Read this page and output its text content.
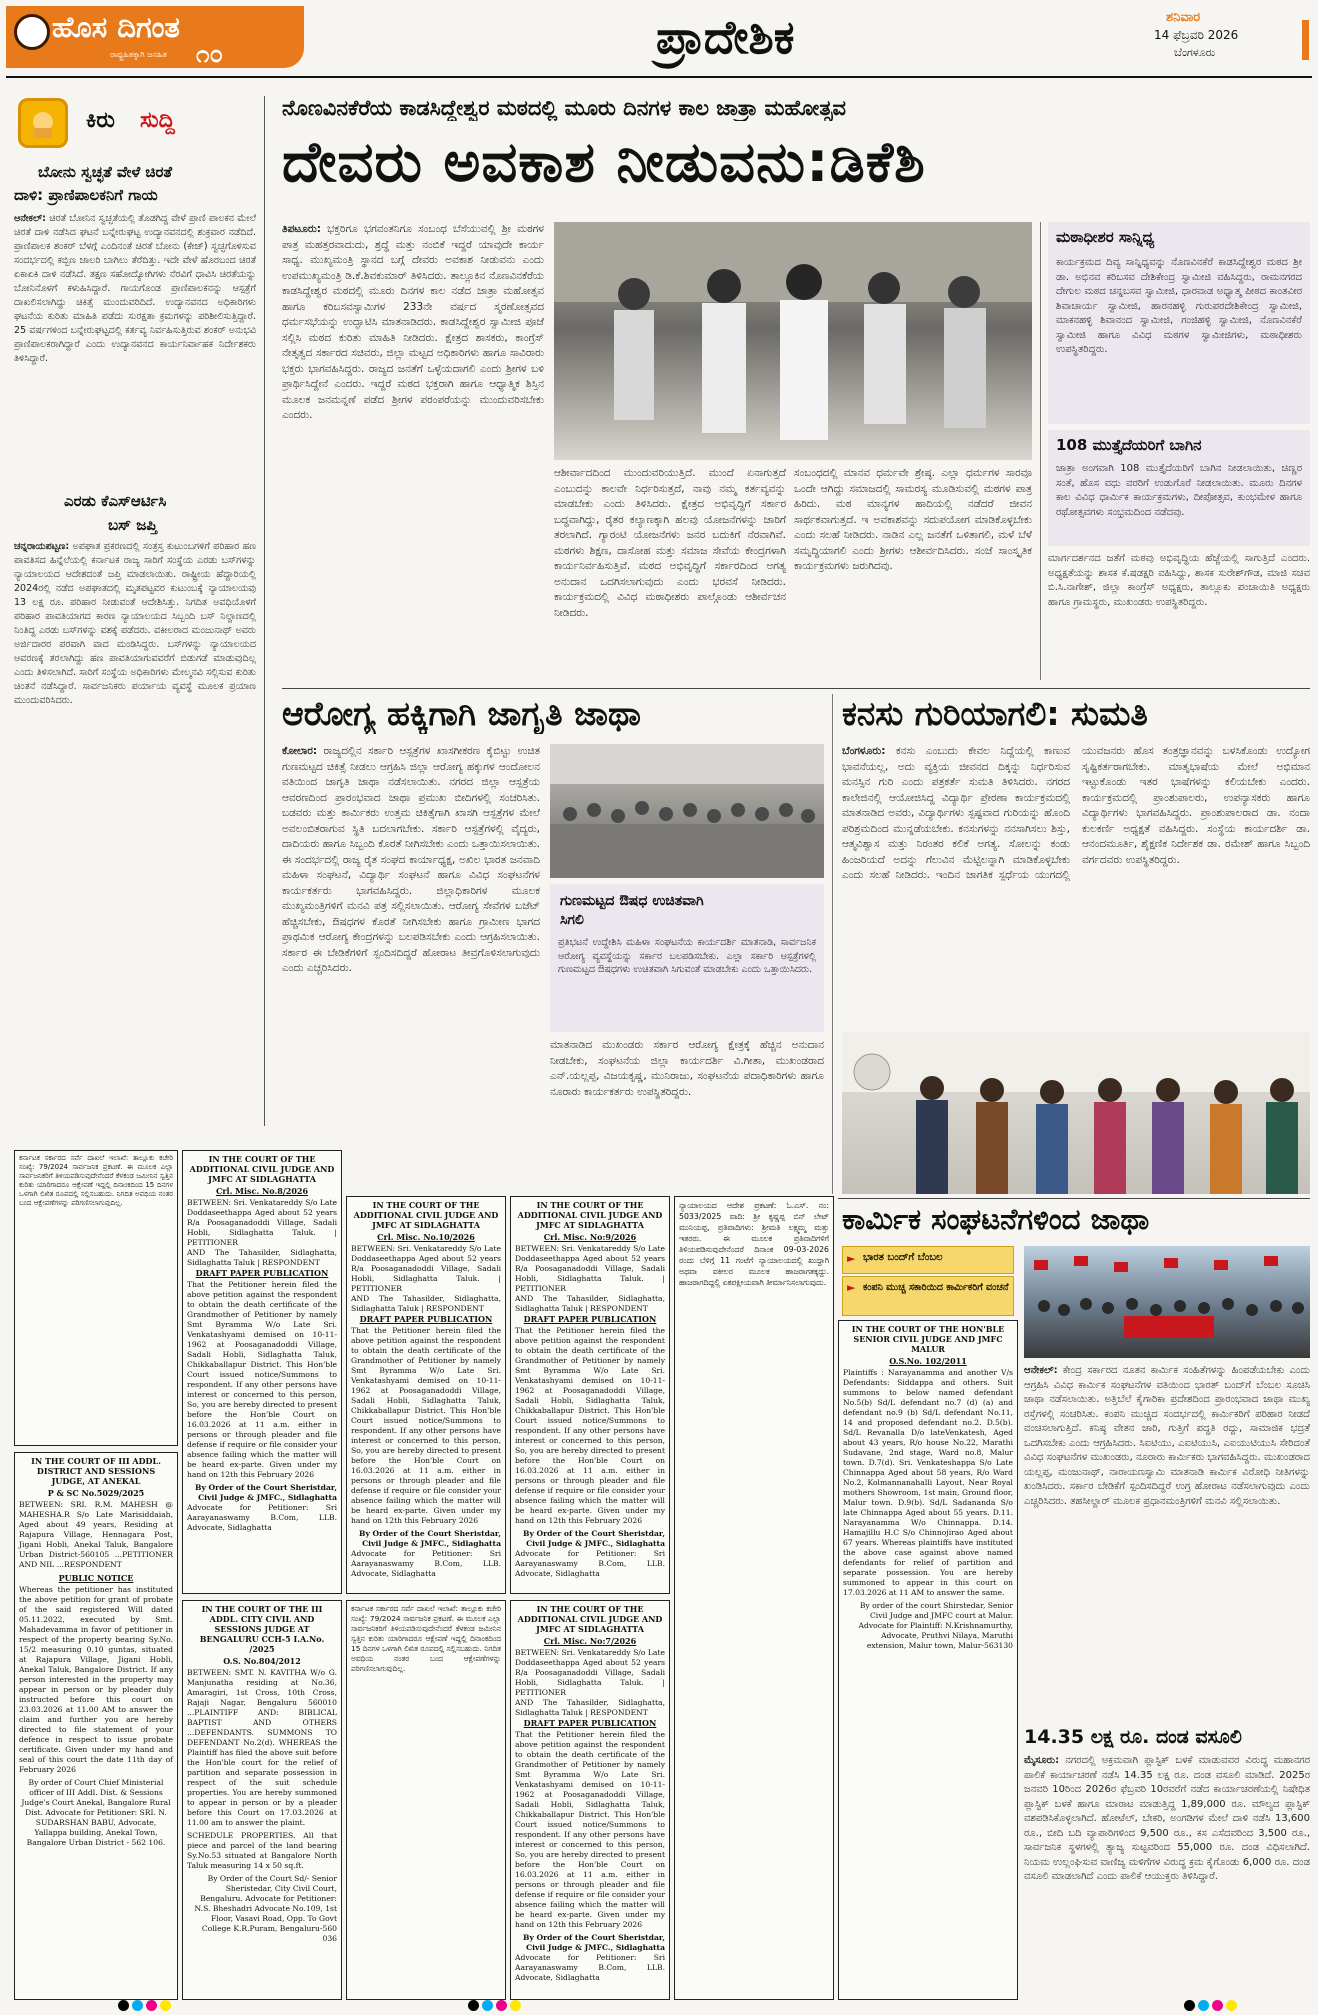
ಹೊಸ ದಿಗಂತ
ರಾಷ್ಟ್ರಹಿತಕ್ಕಾಗಿ ಜನಹಿತ ೧೦	ಪ್ರಾದೇಶಿಕ	ಶನಿವಾರ
14 ಫೆಬ್ರವರಿ 2026
ಬೆಂಗಳೂರು
ಕಿರು ಸುದ್ದಿ
ಬೋನು ಸ್ವಚ್ಛತೆ ವೇಳೆ ಚಿರತೆ
ದಾಳಿ: ಪ್ರಾಣಿಪಾಲಕನಿಗೆ ಗಾಯ
ಆನೇಕಲ್: ಚಿರತೆ ಬೋನಿನ ಸ್ವಚ್ಛತೆಯಲ್ಲಿ ತೊಡಗಿದ್ದ ವೇಳೆ ಪ್ರಾಣಿ ಪಾಲಕನ ಮೇಲೆ ಚಿರತೆ ದಾಳಿ ನಡೆಸಿದ ಘಟನೆ ಬನ್ನೇರುಘಟ್ಟ ಉದ್ಯಾನವನದಲ್ಲಿ ಶುಕ್ರವಾರ ನಡೆದಿದೆ. ಪ್ರಾಣಿಪಾಲಕ ಶಂಕರ್ ಬೆಳಗ್ಗೆ ಎಂದಿನಂತೆ ಚಿರತೆ ಬೋನು (ಕೇಜ್) ಸ್ವಚ್ಛಗೊಳಿಸುವ ಸಂದರ್ಭದಲ್ಲಿ ಕಬ್ಬಿಣ ಜಾಲರಿ ಬಾಗಿಲು ತೆರೆದಿತ್ತು. ಇದೇ ವೇಳೆ ಹೊರಬಂದ ಚಿರತೆ ಏಕಾಏಕಿ ದಾಳಿ ನಡೆಸಿದೆ. ತಕ್ಷಣ ಸಹೋದ್ಯೋಗಿಗಳು ನೆರವಿಗೆ ಧಾವಿಸಿ ಚಿರತೆಯನ್ನು ಬೋನಿನೊಳಗೆ ಕಳುಹಿಸಿದ್ದಾರೆ. ಗಾಯಗೊಂಡ ಪ್ರಾಣಿಪಾಲಕನನ್ನು ಆಸ್ಪತ್ರೆಗೆ ದಾಖಲಿಸಲಾಗಿದ್ದು ಚಿಕಿತ್ಸೆ ಮುಂದುವರಿದಿದೆ. ಉದ್ಯಾನವನದ ಅಧಿಕಾರಿಗಳು ಘಟನೆಯ ಕುರಿತು ಮಾಹಿತಿ ಪಡೆದು ಸುರಕ್ಷತಾ ಕ್ರಮಗಳನ್ನು ಪರಿಶೀಲಿಸುತ್ತಿದ್ದಾರೆ. 25 ವರ್ಷಗಳಿಂದ ಬನ್ನೇರುಘಟ್ಟದಲ್ಲಿ ಕರ್ತವ್ಯ ನಿರ್ವಹಿಸುತ್ತಿರುವ ಶಂಕರ್ ಅನುಭವಿ ಪ್ರಾಣಿಪಾಲಕರಾಗಿದ್ದಾರೆ ಎಂದು ಉದ್ಯಾನವನದ ಕಾರ್ಯನಿರ್ವಾಹಕ ನಿರ್ದೇಶಕರು ತಿಳಿಸಿದ್ದಾರೆ.
ಎರಡು ಕೆಎಸ್ಆರ್ಟಿಸಿ
ಬಸ್ ಜಪ್ತಿ
ಚನ್ನರಾಯಪಟ್ಟಣ: ಅಪಘಾತ ಪ್ರಕರಣದಲ್ಲಿ ಸಂತ್ರಸ್ತ ಕುಟುಂಬಗಳಿಗೆ ಪರಿಹಾರ ಹಣ ಪಾವತಿಸದ ಹಿನ್ನೆಲೆಯಲ್ಲಿ ಕರ್ನಾಟಕ ರಾಜ್ಯ ಸಾರಿಗೆ ಸಂಸ್ಥೆಯ ಎರಡು ಬಸ್‌ಗಳನ್ನು ನ್ಯಾಯಾಲಯದ ಆದೇಶದಂತೆ ಜಪ್ತಿ ಮಾಡಲಾಯಿತು. ರಾಷ್ಟ್ರೀಯ ಹೆದ್ದಾರಿಯಲ್ಲಿ 2024ರಲ್ಲಿ ನಡೆದ ಅಪಘಾತದಲ್ಲಿ ಮೃತಪಟ್ಟವರ ಕುಟುಂಬಕ್ಕೆ ನ್ಯಾಯಾಲಯವು 13 ಲಕ್ಷ ರೂ. ಪರಿಹಾರ ನೀಡುವಂತೆ ಆದೇಶಿಸಿತ್ತು. ನಿಗದಿತ ಅವಧಿಯೊಳಗೆ ಪರಿಹಾರ ಪಾವತಿಯಾಗದ ಕಾರಣ ನ್ಯಾಯಾಲಯದ ಸಿಬ್ಬಂದಿ ಬಸ್ ನಿಲ್ದಾಣದಲ್ಲಿ ನಿಂತಿದ್ದ ಎರಡು ಬಸ್‌ಗಳನ್ನು ವಶಕ್ಕೆ ಪಡೆದರು. ವಕೀಲರಾದ ಮಂಜುನಾಥ್ ಅವರು ಅರ್ಜಿದಾರರ ಪರವಾಗಿ ವಾದ ಮಂಡಿಸಿದ್ದರು. ಬಸ್‌ಗಳನ್ನು ನ್ಯಾಯಾಲಯದ ಆವರಣಕ್ಕೆ ತರಲಾಗಿದ್ದು ಹಣ ಪಾವತಿಯಾಗುವವರೆಗೆ ಬಿಡುಗಡೆ ಮಾಡುವುದಿಲ್ಲ ಎಂದು ತಿಳಿಸಲಾಗಿದೆ. ಸಾರಿಗೆ ಸಂಸ್ಥೆಯ ಅಧಿಕಾರಿಗಳು ಮೇಲ್ಮನವಿ ಸಲ್ಲಿಸುವ ಕುರಿತು ಚಿಂತನೆ ನಡೆಸಿದ್ದಾರೆ. ಸಾರ್ವಜನಿಕರು ಪರ್ಯಾಯ ವ್ಯವಸ್ಥೆ ಮೂಲಕ ಪ್ರಯಾಣ ಮುಂದುವರಿಸಿದರು.
ನೊಣವಿನಕೆರೆಯ ಕಾಡಸಿದ್ದೇಶ್ವರ ಮಠದಲ್ಲಿ ಮೂರು ದಿನಗಳ ಕಾಲ ಜಾತ್ರಾ ಮಹೋತ್ಸವ
ದೇವರು ಅವಕಾಶ ನೀಡುವನು:ಡಿಕೆಶಿ
ತಿಪಟೂರು: ಭಕ್ತರಿಗೂ ಭಗವಂತನಿಗೂ ಸಂಬಂಧ ಬೆಸೆಯುವಲ್ಲಿ ಶ್ರೀ ಮಠಗಳ ಪಾತ್ರ ಮಹತ್ತರವಾದುದು, ಶ್ರದ್ಧೆ ಮತ್ತು ನಂಬಿಕೆ ಇದ್ದರೆ ಯಾವುದೇ ಕಾರ್ಯ ಸಾಧ್ಯ. ಮುಖ್ಯಮಂತ್ರಿ ಸ್ಥಾನದ ಬಗ್ಗೆ ದೇವರು ಅವಕಾಶ ನೀಡುವನು ಎಂದು ಉಪಮುಖ್ಯಮಂತ್ರಿ ಡಿ.ಕೆ.ಶಿವಕುಮಾರ್ ತಿಳಿಸಿದರು. ತಾಲ್ಲೂಕಿನ ನೊಣವಿನಕೆರೆಯ ಕಾಡಸಿದ್ದೇಶ್ವರ ಮಠದಲ್ಲಿ ಮೂರು ದಿನಗಳ ಕಾಲ ನಡೆದ ಜಾತ್ರಾ ಮಹೋತ್ಸವ ಹಾಗೂ ಕರಿಬಸವಸ್ವಾಮಿಗಳ 233ನೇ ವರ್ಷದ ಸ್ಮರಣೋತ್ಸವದ ಧರ್ಮಸಭೆಯನ್ನು ಉದ್ಘಾಟಿಸಿ ಮಾತನಾಡಿದರು. ಕಾಡಸಿದ್ದೇಶ್ವರ ಸ್ವಾಮೀಜಿ ಪೂಜೆ ಸಲ್ಲಿಸಿ ಮಠದ ಕುರಿತು ಮಾಹಿತಿ ನೀಡಿದರು. ಕ್ಷೇತ್ರದ ಶಾಸಕರು, ಕಾಂಗ್ರೆಸ್ ನೇತೃತ್ವದ ಸರ್ಕಾರದ ಸಚಿವರು, ಜಿಲ್ಲಾ ಮಟ್ಟದ ಅಧಿಕಾರಿಗಳು ಹಾಗೂ ಸಾವಿರಾರು ಭಕ್ತರು ಭಾಗವಹಿಸಿದ್ದರು. ರಾಜ್ಯದ ಜನತೆಗೆ ಒಳ್ಳೆಯದಾಗಲಿ ಎಂದು ಶ್ರೀಗಳ ಬಳಿ ಪ್ರಾರ್ಥಿಸಿದ್ದೇನೆ ಎಂದರು. ಇದ್ದರೆ ಮಠದ ಭಕ್ತರಾಗಿ ಹಾಗೂ ಆಧ್ಯಾತ್ಮಿಕ ಶಿಸ್ತಿನ ಮೂಲಕ ಜನಮನ್ನಣೆ ಪಡೆದ ಶ್ರೀಗಳ ಪರಂಪರೆಯನ್ನು ಮುಂದುವರಿಸಬೇಕು ಎಂದರು.
ಆಶೀರ್ವಾದದಿಂದ ಮುಂದುವರಿಯುತ್ತಿದೆ. ಮುಂದೆ ಏನಾಗುತ್ತದೆ ಎಂಬುದನ್ನು ಕಾಲವೇ ನಿರ್ಧರಿಸುತ್ತದೆ, ನಾವು ನಮ್ಮ ಕರ್ತವ್ಯವನ್ನು ಮಾಡಬೇಕು ಎಂದು ತಿಳಿಸಿದರು. ಕ್ಷೇತ್ರದ ಅಭಿವೃದ್ಧಿಗೆ ಸರ್ಕಾರ ಬದ್ಧವಾಗಿದ್ದು, ರೈತರ ಕಲ್ಯಾಣಕ್ಕಾಗಿ ಹಲವು ಯೋಜನೆಗಳನ್ನು ಜಾರಿಗೆ ತರಲಾಗಿದೆ. ಗ್ಯಾರಂಟಿ ಯೋಜನೆಗಳು ಜನರ ಬದುಕಿಗೆ ನೆರವಾಗಿವೆ. ಮಠಗಳು ಶಿಕ್ಷಣ, ದಾಸೋಹ ಮತ್ತು ಸಮಾಜ ಸೇವೆಯ ಕೇಂದ್ರಗಳಾಗಿ ಕಾರ್ಯನಿರ್ವಹಿಸುತ್ತಿವೆ. ಮಠದ ಅಭಿವೃದ್ಧಿಗೆ ಸರ್ಕಾರದಿಂದ ಅಗತ್ಯ ಅನುದಾನ ಒದಗಿಸಲಾಗುವುದು ಎಂದು ಭರವಸೆ ನೀಡಿದರು. ಕಾರ್ಯಕ್ರಮದಲ್ಲಿ ವಿವಿಧ ಮಠಾಧೀಶರು ಪಾಲ್ಗೊಂಡು ಆಶೀರ್ವಚನ ನೀಡಿದರು.
ಸಂಬಂಧದಲ್ಲಿ ಮಾನವ ಧರ್ಮವೇ ಶ್ರೇಷ್ಠ. ಎಲ್ಲಾ ಧರ್ಮಗಳ ಸಾರವೂ ಒಂದೇ ಆಗಿದ್ದು ಸಮಾಜದಲ್ಲಿ ಸಾಮರಸ್ಯ ಮೂಡಿಸುವಲ್ಲಿ ಮಠಗಳ ಪಾತ್ರ ಹಿರಿದು. ಮಠ ಮಾನ್ಯಗಳ ಹಾದಿಯಲ್ಲಿ ನಡೆದರೆ ಜೀವನ ಸಾರ್ಥಕವಾಗುತ್ತದೆ. ಇ ಅವಕಾಶವನ್ನು ಸದುಪಯೋಗ ಮಾಡಿಕೊಳ್ಳಬೇಕು ಎಂದು ಸಲಹೆ ನೀಡಿದರು. ನಾಡಿನ ಎಲ್ಲ ಜನತೆಗೆ ಒಳಿತಾಗಲಿ, ಮಳೆ ಬೆಳೆ ಸಮೃದ್ಧಿಯಾಗಲಿ ಎಂದು ಶ್ರೀಗಳು ಆಶೀರ್ವದಿಸಿದರು. ಸಂಜೆ ಸಾಂಸ್ಕೃತಿಕ ಕಾರ್ಯಕ್ರಮಗಳು ಜರುಗಿದವು.
ಮಠಾಧೀಶರ ಸಾನ್ನಿಧ್ಯ
ಕಾರ್ಯಕ್ರಮದ ದಿವ್ಯ ಸಾನ್ನಿಧ್ಯವನ್ನು ನೊಣವಿನಕೆರೆ ಕಾಡಸಿದ್ದೇಶ್ವರ ಮಠದ ಶ್ರೀ ಡಾ. ಅಭಿನವ ಕರಿಬಸವ ದೇಶಿಕೇಂದ್ರ ಸ್ವಾಮೀಜಿ ವಹಿಸಿದ್ದರು, ರಾಮನಗರದ ದೇಗುಲ ಮಠದ ಚನ್ನಬಸವ ಸ್ವಾಮೀಜಿ, ಧಾರವಾಡ ಅಧ್ಯಾತ್ಮ ಪೀಠದ ಕಾಂತವೀರ ಶಿವಾಚಾರ್ಯ ಸ್ವಾಮೀಜಿ, ಹಾರನಹಳ್ಳಿ ಗುರುಪರದೇಶಿಕೇಂದ್ರ ಸ್ವಾಮೀಜಿ, ಮಾಕನಹಳ್ಳಿ ಶಿವಾನಂದ ಸ್ವಾಮೀಜಿ, ಗಂಜಿಹಳ್ಳಿ ಸ್ವಾಮೀಜಿ, ನೊಣವಿನಕೆರೆ ಸ್ವಾಮೀಜಿ ಹಾಗೂ ವಿವಿಧ ಮಠಗಳ ಸ್ವಾಮೀಜಿಗಳು, ಮಠಾಧೀಶರು ಉಪಸ್ಥಿತರಿದ್ದರು.
108 ಮುತ್ತೈದೆಯರಿಗೆ ಬಾಗಿನ
ಜಾತ್ರಾ ಅಂಗವಾಗಿ 108 ಮುತ್ತೈದೆಯರಿಗೆ ಬಾಗಿನ ನೀಡಲಾಯಿತು, ಚಿಣ್ಣರ ಸಂತೆ, ಹೊಸ ವಧು ವರರಿಗೆ ಉಡುಗೊರೆ ನೀಡಲಾಯಿತು. ಮೂರು ದಿನಗಳ ಕಾಲ ವಿವಿಧ ಧಾರ್ಮಿಕ ಕಾರ್ಯಕ್ರಮಗಳು, ದೀಪೋತ್ಸವ, ಕುಂಭಮೇಳ ಹಾಗೂ ರಥೋತ್ಸವಗಳು ಸಂಭ್ರಮದಿಂದ ನಡೆದವು.
ಮಾರ್ಗದರ್ಶನದ ಜತೆಗೆ ಮಠವು ಅಭಿವೃದ್ಧಿಯ ಹೆಜ್ಜೆಯಲ್ಲಿ ಸಾಗುತ್ತಿದೆ ಎಂದರು. ಅಧ್ಯಕ್ಷತೆಯನ್ನು ಶಾಸಕ ಕೆ.ಷಡಕ್ಷರಿ ವಹಿಸಿದ್ದು, ಶಾಸಕ ಸುರೇಶ್‌ಗೌಡ, ಮಾಜಿ ಸಚಿವ ಬಿ.ಸಿ.ನಾಗೇಶ್, ಜಿಲ್ಲಾ ಕಾಂಗ್ರೆಸ್ ಅಧ್ಯಕ್ಷರು, ತಾಲ್ಲೂಕು ಪಂಚಾಯಿತಿ ಅಧ್ಯಕ್ಷರು ಹಾಗೂ ಗ್ರಾಮಸ್ಥರು, ಮುಖಂಡರು ಉಪಸ್ಥಿತರಿದ್ದರು.
ಆರೋಗ್ಯ ಹಕ್ಕಿಗಾಗಿ ಜಾಗೃತಿ ಜಾಥಾ
ಕೋಲಾರ: ರಾಜ್ಯದಲ್ಲಿನ ಸರ್ಕಾರಿ ಆಸ್ಪತ್ರೆಗಳ ಖಾಸಗೀಕರಣ ಕೈಬಿಟ್ಟು ಉಚಿತ ಗುಣಮಟ್ಟದ ಚಿಕಿತ್ಸೆ ನೀಡಲು ಆಗ್ರಹಿಸಿ ಜಿಲ್ಲಾ ಆರೋಗ್ಯ ಹಕ್ಕುಗಳ ಆಂದೋಲನ ವತಿಯಿಂದ ಜಾಗೃತಿ ಜಾಥಾ ನಡೆಸಲಾಯಿತು. ನಗರದ ಜಿಲ್ಲಾ ಆಸ್ಪತ್ರೆಯ ಆವರಣದಿಂದ ಪ್ರಾರಂಭವಾದ ಜಾಥಾ ಪ್ರಮುಖ ಬೀದಿಗಳಲ್ಲಿ ಸಂಚರಿಸಿತು. ಬಡವರು ಮತ್ತು ಕಾರ್ಮಿಕರು ಉತ್ತಮ ಚಿಕಿತ್ಸೆಗಾಗಿ ಖಾಸಗಿ ಆಸ್ಪತ್ರೆಗಳ ಮೇಲೆ ಅವಲಂಬಿತರಾಗುವ ಸ್ಥಿತಿ ಬದಲಾಗಬೇಕು. ಸರ್ಕಾರಿ ಆಸ್ಪತ್ರೆಗಳಲ್ಲಿ ವೈದ್ಯರು, ದಾದಿಯರು ಹಾಗೂ ಸಿಬ್ಬಂದಿ ಕೊರತೆ ನೀಗಿಸಬೇಕು ಎಂದು ಒತ್ತಾಯಿಸಲಾಯಿತು. ಈ ಸಂದರ್ಭದಲ್ಲಿ ರಾಜ್ಯ ರೈತ ಸಂಘದ ಕಾರ್ಯಾಧ್ಯಕ್ಷ, ಅಖಿಲ ಭಾರತ ಜನವಾದಿ ಮಹಿಳಾ ಸಂಘಟನೆ, ವಿದ್ಯಾರ್ಥಿ ಸಂಘಟನೆ ಹಾಗೂ ವಿವಿಧ ಸಂಘಟನೆಗಳ ಕಾರ್ಯಕರ್ತರು ಭಾಗವಹಿಸಿದ್ದರು. ಜಿಲ್ಲಾಧಿಕಾರಿಗಳ ಮೂಲಕ ಮುಖ್ಯಮಂತ್ರಿಗಳಿಗೆ ಮನವಿ ಪತ್ರ ಸಲ್ಲಿಸಲಾಯಿತು. ಆರೋಗ್ಯ ಸೇವೆಗಳ ಬಜೆಟ್ ಹೆಚ್ಚಿಸಬೇಕು, ಔಷಧಗಳ ಕೊರತೆ ನೀಗಿಸಬೇಕು ಹಾಗೂ ಗ್ರಾಮೀಣ ಭಾಗದ ಪ್ರಾಥಮಿಕ ಆರೋಗ್ಯ ಕೇಂದ್ರಗಳನ್ನು ಬಲಪಡಿಸಬೇಕು ಎಂದು ಆಗ್ರಹಿಸಲಾಯಿತು. ಸರ್ಕಾರ ಈ ಬೇಡಿಕೆಗಳಿಗೆ ಸ್ಪಂದಿಸದಿದ್ದರೆ ಹೋರಾಟ ತೀವ್ರಗೊಳಿಸಲಾಗುವುದು ಎಂದು ಎಚ್ಚರಿಸಿದರು.
ಗುಣಮಟ್ಟದ ಔಷಧ ಉಚಿತವಾಗಿ ಸಿಗಲಿ
ಪ್ರತಿಭಟನೆ ಉದ್ದೇಶಿಸಿ ಮಹಿಳಾ ಸಂಘಟನೆಯ ಕಾರ್ಯದರ್ಶಿ ಮಾತನಾಡಿ, ಸಾರ್ವಜನಿಕ ಆರೋಗ್ಯ ವ್ಯವಸ್ಥೆಯನ್ನು ಸರ್ಕಾರ ಬಲಪಡಿಸಬೇಕು. ಎಲ್ಲಾ ಸರ್ಕಾರಿ ಆಸ್ಪತ್ರೆಗಳಲ್ಲಿ ಗುಣಮಟ್ಟದ ಔಷಧಗಳು ಉಚಿತವಾಗಿ ಸಿಗುವಂತೆ ಮಾಡಬೇಕು ಎಂದು ಒತ್ತಾಯಿಸಿದರು.
ಮಾತನಾಡಿದ ಮುಖಂಡರು ಸರ್ಕಾರ ಆರೋಗ್ಯ ಕ್ಷೇತ್ರಕ್ಕೆ ಹೆಚ್ಚಿನ ಅನುದಾನ ನೀಡಬೇಕು, ಸಂಘಟನೆಯ ಜಿಲ್ಲಾ ಕಾರ್ಯದರ್ಶಿ ವಿ.ಗೀತಾ, ಮುಖಂಡರಾದ ಎನ್.ಯಲ್ಲಪ್ಪ, ವಿಜಯಕೃಷ್ಣ, ಮುನಿರಾಜು, ಸಂಘಟನೆಯ ಪದಾಧಿಕಾರಿಗಳು ಹಾಗೂ ನೂರಾರು ಕಾರ್ಯಕರ್ತರು ಉಪಸ್ಥಿತರಿದ್ದರು.
ಕನಸು ಗುರಿಯಾಗಲಿ: ಸುಮತಿ
ಬೆಂಗಳೂರು: ಕನಸು ಎಂಬುದು ಕೇವಲ ನಿದ್ದೆಯಲ್ಲಿ ಕಾಣುವ ಭಾವನೆಯಲ್ಲ, ಅದು ವ್ಯಕ್ತಿಯ ಜೀವನದ ದಿಕ್ಕನ್ನು ನಿರ್ಧರಿಸುವ ಮನಸ್ಸಿನ ಗುರಿ ಎಂದು ಪತ್ರಕರ್ತೆ ಸುಮತಿ ತಿಳಿಸಿದರು. ನಗರದ ಕಾಲೇಜಿನಲ್ಲಿ ಆಯೋಜಿಸಿದ್ದ ವಿದ್ಯಾರ್ಥಿ ಪ್ರೇರಣಾ ಕಾರ್ಯಕ್ರಮದಲ್ಲಿ ಮಾತನಾಡಿದ ಅವರು, ವಿದ್ಯಾರ್ಥಿಗಳು ಸ್ಪಷ್ಟವಾದ ಗುರಿಯನ್ನು ಹೊಂದಿ ಪರಿಶ್ರಮದಿಂದ ಮುನ್ನಡೆಯಬೇಕು. ಕನಸುಗಳನ್ನು ನನಸಾಗಿಸಲು ಶಿಸ್ತು, ಆತ್ಮವಿಶ್ವಾಸ ಮತ್ತು ನಿರಂತರ ಕಲಿಕೆ ಅಗತ್ಯ. ಸೋಲನ್ನು ಕಂಡು ಹಿಂಜರಿಯದೆ ಅದನ್ನು ಗೆಲುವಿನ ಮೆಟ್ಟಿಲನ್ನಾಗಿ ಮಾಡಿಕೊಳ್ಳಬೇಕು ಎಂದು ಸಲಹೆ ನೀಡಿದರು. ಇಂದಿನ ಜಾಗತಿಕ ಸ್ಪರ್ಧೆಯ ಯುಗದಲ್ಲಿ ಯುವಜನರು ಹೊಸ ತಂತ್ರಜ್ಞಾನವನ್ನು ಬಳಸಿಕೊಂಡು ಉದ್ಯೋಗ ಸೃಷ್ಟಿಕರ್ತರಾಗಬೇಕು. ಮಾತೃಭಾಷೆಯ ಮೇಲೆ ಅಭಿಮಾನ ಇಟ್ಟುಕೊಂಡು ಇತರ ಭಾಷೆಗಳನ್ನು ಕಲಿಯಬೇಕು ಎಂದರು. ಕಾರ್ಯಕ್ರಮದಲ್ಲಿ ಪ್ರಾಂಶುಪಾಲರು, ಉಪನ್ಯಾಸಕರು ಹಾಗೂ ವಿದ್ಯಾರ್ಥಿಗಳು ಭಾಗವಹಿಸಿದ್ದರು. ಪ್ರಾಂಶುಪಾಲರಾದ ಡಾ. ನಂದಾ ಕುಲಕರ್ಣಿ ಅಧ್ಯಕ್ಷತೆ ವಹಿಸಿದ್ದರು. ಸಂಸ್ಥೆಯ ಕಾರ್ಯದರ್ಶಿ ಡಾ. ಆನಂದಮೂರ್ತಿ, ಶೈಕ್ಷಣಿಕ ನಿರ್ದೇಶಕ ಡಾ. ರಮೇಶ್ ಹಾಗೂ ಸಿಬ್ಬಂದಿ ವರ್ಗದವರು ಉಪಸ್ಥಿತರಿದ್ದರು.
ಕರ್ನಾಟಕ ಸರ್ಕಾರದ ಸರ್ವೆ ದಾಖಲೆ ಇಲಾಖೆ: ತಾಲ್ಲೂಕು ಕಚೇರಿ ಸಂಖ್ಯೆ: 79/2024 ಸಾರ್ವಜನಿಕ ಪ್ರಕಟಣೆ. ಈ ಮೂಲಕ ಎಲ್ಲಾ ಸಾರ್ವಜನಿಕರಿಗೆ ತಿಳಿಯಪಡಿಸುವುದೇನೆಂದರೆ ಕೆಳಕಂಡ ಜಮೀನಿನ ಸ್ವತ್ತಿನ ಕುರಿತು ಯಾರಿಗಾದರೂ ಆಕ್ಷೇಪಣೆ ಇದ್ದಲ್ಲಿ ದಿನಾಂಕದಿಂದ 15 ದಿನಗಳ ಒಳಗಾಗಿ ಲಿಖಿತ ರೂಪದಲ್ಲಿ ಸಲ್ಲಿಸಬಹುದು. ನಿಗದಿತ ಅವಧಿಯ ನಂತರ ಬಂದ ಆಕ್ಷೇಪಣೆಗಳನ್ನು ಪರಿಗಣಿಸಲಾಗುವುದಿಲ್ಲ.
IN THE COURT OF III ADDL. DISTRICT AND SESSIONS JUDGE, AT ANEKAL
P & SC No.5029/2025
BETWEEN: SRI. R.M. MAHESH @ MAHESHA.R S/o Late Marisiddaiah, Aged about 49 years, Residing at Rajapura Village, Hennagara Post, Jigani Hobli, Anekal Taluk, Bangalore Urban District-560105 ...PETITIONER AND NIL ...RESPONDENT
PUBLIC NOTICE
Whereas the petitioner has instituted the above petition for grant of probate of the said registered Will dated 05.11.2022, executed by Smt. Mahadevamma in favor of petitioner in respect of the property bearing Sy.No. 15/2 measuring 0.10 guntas, situated at Rajapura Village, Jigani Hobli, Anekal Taluk, Bangalore District. If any person interested in the property may appear in person or by pleader duly instructed before this court on 23.03.2026 at 11.00 AM to answer the claim and further you are hereby directed to file statement of your defence in respect to issue probate certificate. Given under my hand and seal of this court the date 11th day of February 2026
By order of Court Chief Ministerial officer of III Addl. Dist. & Sessions Judge's Court Anekal, Bangalore Rural Dist. Advocate for Petitioner: SRI. N. SUDARSHAN BABU, Advocate, Yallappa building, Anekal Town, Bangalore Urban District - 562 106.
IN THE COURT OF THE ADDITIONAL CIVIL JUDGE AND JMFC AT SIDLAGHATTA
Crl. Misc. No.8/2026
BETWEEN: Sri. Venkatareddy S/o Late Doddaseethappa Aged about 52 years R/a Poosaganadoddi Village, Sadali Hobli, Sidlaghatta Taluk. | PETITIONER
AND The Tahasilder, Sidlaghatta, Sidlaghatta Taluk | RESPONDENT
DRAFT PAPER PUBLICATION
That the Petitioner herein filed the above petition against the respondent to obtain the death certificate of the Grandmother of Petitioner by namely Smt Byramma W/o Late Sri. Venkatashyami demised on 10-11-1962 at Poosaganadoddi Village, Sadali Hobli, Sidlaghatta Taluk, Chikkaballapur District. This Hon'ble Court issued notice/Summons to respondent. If any other persons have interest or concerned to this person, So, you are hereby directed to present before the Hon'ble Court on 16.03.2026 at 11 a.m. either in persons or through pleader and file defense if require or file consider your absence failing which the matter will be heard ex-parte. Given under my hand on 12th this February 2026
By Order of the Court Sheristdar, Civil Judge & JMFC., Sidlaghatta
Advocate for Petitioner: Sri Aarayanaswamy B.Com, LLB. Advocate, Sidlaghatta
IN THE COURT OF THE III ADDL. CITY CIVIL AND SESSIONS JUDGE AT BENGALURU CCH-5 I.A.No. /2025
O.S. No.804/2012
BETWEEN: SMT. N. KAVITHA W/o G. Manjunatha residing at No.36, Amaragiri, 1st Cross, 10th Cross, Rajaji Nagar, Bengaluru 560010 ...PLAINTIFF AND: BIBLICAL BAPTIST AND OTHERS ...DEFENDANTS. SUMMONS TO DEFENDANT No.2(d). WHEREAS the Plaintiff has filed the above suit before the Hon'ble court for the relief of partition and separate possession in respect of the suit schedule properties. You are hereby summoned to appear in person or by a pleader before this Court on 17.03.2026 at 11.00 am to answer the plaint.
SCHEDULE PROPERTIES. All that piece and parcel of the land bearing Sy.No.53 situated at Bangalore North Taluk measuring 14 x 50 sq.ft.
By Order of the Court Sd/- Senior Sheristedar, City Civil Court, Bengaluru. Advocate for Petitioner: N.S. Bheshadri Advocate No.109, 1st Floor, Vasavi Road, Opp. To Govt College K.R.Puram, Bengaluru-560 036
IN THE COURT OF THE ADDITIONAL CIVIL JUDGE AND JMFC AT SIDLAGHATTA
Crl. Misc. No.10/2026
BETWEEN: Sri. Venkatareddy S/o Late Doddaseethappa Aged about 52 years R/a Poosaganadoddi Village, Sadali Hobli, Sidlaghatta Taluk. | PETITIONER
AND The Tahasilder, Sidlaghatta, Sidlaghatta Taluk | RESPONDENT
DRAFT PAPER PUBLICATION
That the Petitioner herein filed the above petition against the respondent to obtain the death certificate of the Grandmother of Petitioner by namely Smt Byramma W/o Late Sri. Venkatashyami demised on 10-11-1962 at Poosaganadoddi Village, Sadali Hobli, Sidlaghatta Taluk, Chikkaballapur District. This Hon'ble Court issued notice/Summons to respondent. If any other persons have interest or concerned to this person, So, you are hereby directed to present before the Hon'ble Court on 16.03.2026 at 11 a.m. either in persons or through pleader and file defense if require or file consider your absence failing which the matter will be heard ex-parte. Given under my hand on 12th this February 2026
By Order of the Court Sheristdar, Civil Judge & JMFC., Sidlaghatta
Advocate for Petitioner: Sri Aarayanaswamy B.Com, LLB. Advocate, Sidlaghatta
ಕರ್ನಾಟಕ ಸರ್ಕಾರದ ಸರ್ವೆ ದಾಖಲೆ ಇಲಾಖೆ: ತಾಲ್ಲೂಕು ಕಚೇರಿ ಸಂಖ್ಯೆ: 79/2024 ಸಾರ್ವಜನಿಕ ಪ್ರಕಟಣೆ. ಈ ಮೂಲಕ ಎಲ್ಲಾ ಸಾರ್ವಜನಿಕರಿಗೆ ತಿಳಿಯಪಡಿಸುವುದೇನೆಂದರೆ ಕೆಳಕಂಡ ಜಮೀನಿನ ಸ್ವತ್ತಿನ ಕುರಿತು ಯಾರಿಗಾದರೂ ಆಕ್ಷೇಪಣೆ ಇದ್ದಲ್ಲಿ ದಿನಾಂಕದಿಂದ 15 ದಿನಗಳ ಒಳಗಾಗಿ ಲಿಖಿತ ರೂಪದಲ್ಲಿ ಸಲ್ಲಿಸಬಹುದು. ನಿಗದಿತ ಅವಧಿಯ ನಂತರ ಬಂದ ಆಕ್ಷೇಪಣೆಗಳನ್ನು ಪರಿಗಣಿಸಲಾಗುವುದಿಲ್ಲ.
IN THE COURT OF THE ADDITIONAL CIVIL JUDGE AND JMFC AT SIDLAGHATTA
Crl. Misc. No:9/2026
BETWEEN: Sri. Venkatareddy S/o Late Doddaseethappa Aged about 52 years R/a Poosaganadoddi Village, Sadali Hobli, Sidlaghatta Taluk. | PETITIONER
AND The Tahasilder, Sidlaghatta, Sidlaghatta Taluk | RESPONDENT
DRAFT PAPER PUBLICATION
That the Petitioner herein filed the above petition against the respondent to obtain the death certificate of the Grandmother of Petitioner by namely Smt Byramma W/o Late Sri. Venkatashyami demised on 10-11-1962 at Poosaganadoddi Village, Sadali Hobli, Sidlaghatta Taluk, Chikkaballapur District. This Hon'ble Court issued notice/Summons to respondent. If any other persons have interest or concerned to this person, So, you are hereby directed to present before the Hon'ble Court on 16.03.2026 at 11 a.m. either in persons or through pleader and file defense if require or file consider your absence failing which the matter will be heard ex-parte. Given under my hand on 12th this February 2026
By Order of the Court Sheristdar, Civil Judge & JMFC., Sidlaghatta
Advocate for Petitioner: Sri Aarayanaswamy B.Com, LLB. Advocate, Sidlaghatta
IN THE COURT OF THE ADDITIONAL CIVIL JUDGE AND JMFC AT SIDLAGHATTA
Crl. Misc. No:7/2026
BETWEEN: Sri. Venkatareddy S/o Late Doddaseethappa Aged about 52 years R/a Poosaganadoddi Village, Sadali Hobli, Sidlaghatta Taluk. | PETITIONER
AND The Tahasilder, Sidlaghatta, Sidlaghatta Taluk | RESPONDENT
DRAFT PAPER PUBLICATION
That the Petitioner herein filed the above petition against the respondent to obtain the death certificate of the Grandmother of Petitioner by namely Smt Byramma W/o Late Sri. Venkatashyami demised on 10-11-1962 at Poosaganadoddi Village, Sadali Hobli, Sidlaghatta Taluk, Chikkaballapur District. This Hon'ble Court issued notice/Summons to respondent. If any other persons have interest or concerned to this person, So, you are hereby directed to present before the Hon'ble Court on 16.03.2026 at 11 a.m. either in persons or through pleader and file defense if require or file consider your absence failing which the matter will be heard ex-parte. Given under my hand on 12th this February 2026
By Order of the Court Sheristdar, Civil Judge & JMFC., Sidlaghatta
Advocate for Petitioner: Sri Aarayanaswamy B.Com, LLB. Advocate, Sidlaghatta
ನ್ಯಾಯಾಲಯದ ಆದೇಶ ಪ್ರಕಟಣೆ: ಓ.ಎಸ್. ನಂ: 5033/2025 ವಾದಿ: ಶ್ರೀ ಕೃಷ್ಣಪ್ಪ ಬಿನ್ ಲೇಟ್ ಮುನಿಯಪ್ಪ, ಪ್ರತಿವಾದಿಗಳು: ಶ್ರೀಮತಿ ಲಕ್ಷ್ಮಮ್ಮ ಮತ್ತು ಇತರರು. ಈ ಮೂಲಕ ಪ್ರತಿವಾದಿಗಳಿಗೆ ತಿಳಿಯಪಡಿಸುವುದೇನೆಂದರೆ ದಿನಾಂಕ 09-03-2026 ರಂದು ಬೆಳಿಗ್ಗೆ 11 ಗಂಟೆಗೆ ನ್ಯಾಯಾಲಯದಲ್ಲಿ ಖುದ್ದಾಗಿ ಅಥವಾ ವಕೀಲರ ಮೂಲಕ ಹಾಜರಾಗತಕ್ಕದ್ದು. ಹಾಜರಾಗದಿದ್ದಲ್ಲಿ ಏಕಪಕ್ಷೀಯವಾಗಿ ತೀರ್ಮಾನಿಸಲಾಗುವುದು.
IN THE COURT OF THE HON'BLE SENIOR CIVIL JUDGE AND JMFC MALUR
O.S.No. 102/2011
Plaintiffs : Narayanamma and another V/s Defendants: Siddappa and others. Suit summons to below named defendant No.5(b) Sd/L defendant no.7 (d) (a) and defendant no.9 (b) Sd/L defendant No.11, 14 and proposed defendant no.2. D.5(b). Sd/L Revanalla D/o lateVenkatesh, Aged about 43 years, R/o house No.22, Marathi Sudavane, 2nd stage, Ward no.8, Malur town. D.7(d). Sri. Venkateshappa S/o Late Chinnappa Aged about 58 years, R/o Ward No.2, Kolmannanahalli Layout, Near Royal mothers Showroom, 1st main, Ground floor, Malur town. D.9(b). Sd/L Sadananda S/o late Chinnappa Aged about 55 years. D.11. Narayanamma W/o Chinnappa. D.14. Hamajillu H.C S/o Chinnojirao Aged about 67 years. Whereas plaintiffs have instituted the above case against above named defendants for relief of partition and separate possession. You are hereby summoned to appear in this court on 17.03.2026 at 11 AM to answer the same.
By order of the court Shirstedar, Senior Civil Judge and JMFC court at Malur. Advocate for Plaintiff: N.Krishnamurthy, Advocate, Pruthvi Nilaya, Maruthi extension, Malur town, Malur-563130
ಕಾರ್ಮಿಕ ಸಂಘಟನೆಗಳಿಂದ ಜಾಥಾ
► ಭಾರತ ಬಂದ್‌ಗೆ ಬೆಂಬಲ
► ಕಂಪನಿ ಮುಚ್ಚ ಸಕಾರಿಯಿದ ಕಾರ್ಮಿಕರಿಗೆ ವಂಚನೆ
ಆನೇಕಲ್: ಕೇಂದ್ರ ಸರ್ಕಾರದ ನೂತನ ಕಾರ್ಮಿಕ ಸಂಹಿತೆಗಳನ್ನು ಹಿಂಪಡೆಯಬೇಕು ಎಂದು ಆಗ್ರಹಿಸಿ ವಿವಿಧ ಕಾರ್ಮಿಕ ಸಂಘಟನೆಗಳ ವತಿಯಿಂದ ಭಾರತ್ ಬಂದ್‌ಗೆ ಬೆಂಬಲ ಸೂಚಿಸಿ ಜಾಥಾ ನಡೆಸಲಾಯಿತು. ಅತ್ತಿಬೆಲೆ ಕೈಗಾರಿಕಾ ಪ್ರದೇಶದಿಂದ ಪ್ರಾರಂಭವಾದ ಜಾಥಾ ಮುಖ್ಯ ರಸ್ತೆಗಳಲ್ಲಿ ಸಂಚರಿಸಿತು. ಕಂಪನಿ ಮುಚ್ಚಿದ ಸಂದರ್ಭದಲ್ಲಿ ಕಾರ್ಮಿಕರಿಗೆ ಪರಿಹಾರ ನೀಡದೆ ವಂಚಿಸಲಾಗುತ್ತಿದೆ. ಕನಿಷ್ಠ ವೇತನ ಜಾರಿ, ಗುತ್ತಿಗೆ ಪದ್ಧತಿ ರದ್ದು, ಸಾಮಾಜಿಕ ಭದ್ರತೆ ಒದಗಿಸಬೇಕು ಎಂದು ಆಗ್ರಹಿಸಿದರು. ಸಿಐಟಿಯು, ಎಐಟಿಯುಸಿ, ಎಐಯುಟಿಯುಸಿ ಸೇರಿದಂತೆ ವಿವಿಧ ಸಂಘಟನೆಗಳ ಮುಖಂಡರು, ನೂರಾರು ಕಾರ್ಮಿಕರು ಭಾಗವಹಿಸಿದ್ದರು. ಮುಖಂಡರಾದ ಯಲ್ಲಪ್ಪ, ಮಂಜುನಾಥ್, ನಾರಾಯಣಸ್ವಾಮಿ ಮಾತನಾಡಿ ಕಾರ್ಮಿಕ ವಿರೋಧಿ ನೀತಿಗಳನ್ನು ಖಂಡಿಸಿದರು. ಸರ್ಕಾರ ಬೇಡಿಕೆಗೆ ಸ್ಪಂದಿಸದಿದ್ದರೆ ಉಗ್ರ ಹೋರಾಟ ನಡೆಸಲಾಗುವುದು ಎಂದು ಎಚ್ಚರಿಸಿದರು. ತಹಸೀಲ್ದಾರ್ ಮೂಲಕ ಪ್ರಧಾನಮಂತ್ರಿಗಳಿಗೆ ಮನವಿ ಸಲ್ಲಿಸಲಾಯಿತು.
14.35 ಲಕ್ಷ ರೂ. ದಂಡ ವಸೂಲಿ
ಮೈಸೂರು: ನಗರದಲ್ಲಿ ಅಕ್ರಮವಾಗಿ ಪ್ಲಾಸ್ಟಿಕ್ ಬಳಕೆ ಮಾಡುವವರ ವಿರುದ್ಧ ಮಹಾನಗರ ಪಾಲಿಕೆ ಕಾರ್ಯಾಚರಣೆ ನಡೆಸಿ 14.35 ಲಕ್ಷ ರೂ. ದಂಡ ವಸೂಲಿ ಮಾಡಿದೆ. 2025ರ ಜನವರಿ 10ರಿಂದ 2026ರ ಫೆಬ್ರವರಿ 10ರವರೆಗೆ ನಡೆದ ಕಾರ್ಯಾಚರಣೆಯಲ್ಲಿ ನಿಷೇಧಿತ ಪ್ಲಾಸ್ಟಿಕ್ ಬಳಕೆ ಹಾಗೂ ಮಾರಾಟ ಮಾಡುತ್ತಿದ್ದ 1,89,000 ರೂ. ಮೌಲ್ಯದ ಪ್ಲಾಸ್ಟಿಕ್ ವಶಪಡಿಸಿಕೊಳ್ಳಲಾಗಿದೆ. ಹೋಟೆಲ್, ಬೇಕರಿ, ಅಂಗಡಿಗಳ ಮೇಲೆ ದಾಳಿ ನಡೆಸಿ 13,600 ರೂ., ಬೀದಿ ಬದಿ ವ್ಯಾಪಾರಿಗಳಿಂದ 9,500 ರೂ., ಕಸ ಎಸೆದವರಿಂದ 3,500 ರೂ., ಸಾರ್ವಜನಿಕ ಸ್ಥಳಗಳಲ್ಲಿ ತ್ಯಾಜ್ಯ ಸುಟ್ಟವರಿಂದ 55,000 ರೂ. ದಂಡ ವಿಧಿಸಲಾಗಿದೆ. ನಿಯಮ ಉಲ್ಲಂಘಿಸುವ ವಾಣಿಜ್ಯ ಮಳಿಗೆಗಳ ವಿರುದ್ಧ ಕ್ರಮ ಕೈಗೊಂಡು 6,000 ರೂ. ದಂಡ ವಸೂಲಿ ಮಾಡಲಾಗಿದೆ ಎಂದು ಪಾಲಿಕೆ ಆಯುಕ್ತರು ತಿಳಿಸಿದ್ದಾರೆ.
